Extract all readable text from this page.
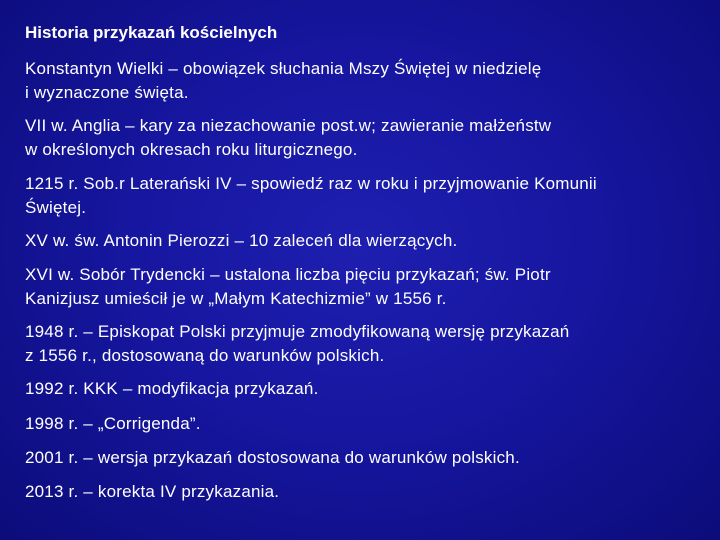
Historia przykazań kościelnych
Konstantyn Wielki – obowiązek słuchania Mszy Świętej w niedzielę
i wyznaczone święta.
VII w. Anglia – kary za niezachowanie post.w; zawieranie małżeństw
w określonych okresach roku liturgicznego.
1215 r. Sob.r Laterański IV – spowiedź raz w roku i przyjmowanie Komunii
Świętej.
XV w. św. Antonin Pierozzi – 10 zaleceń dla wierzących.
XVI w. Sobór Trydencki – ustalona liczba pięciu przykazań; św. Piotr
Kanizjusz umieścił je w „Małym Katechizmie” w 1556 r.
1948 r. – Episkopat Polski przyjmuje zmodyfikowaną wersję przykazań
z 1556 r., dostosowaną do warunków polskich.
1992 r. KKK – modyfikacja przykazań.
1998 r. – „Corrigenda”.
2001 r. – wersja przykazań dostosowana do warunków polskich.
2013 r. – korekta IV przykazania.
